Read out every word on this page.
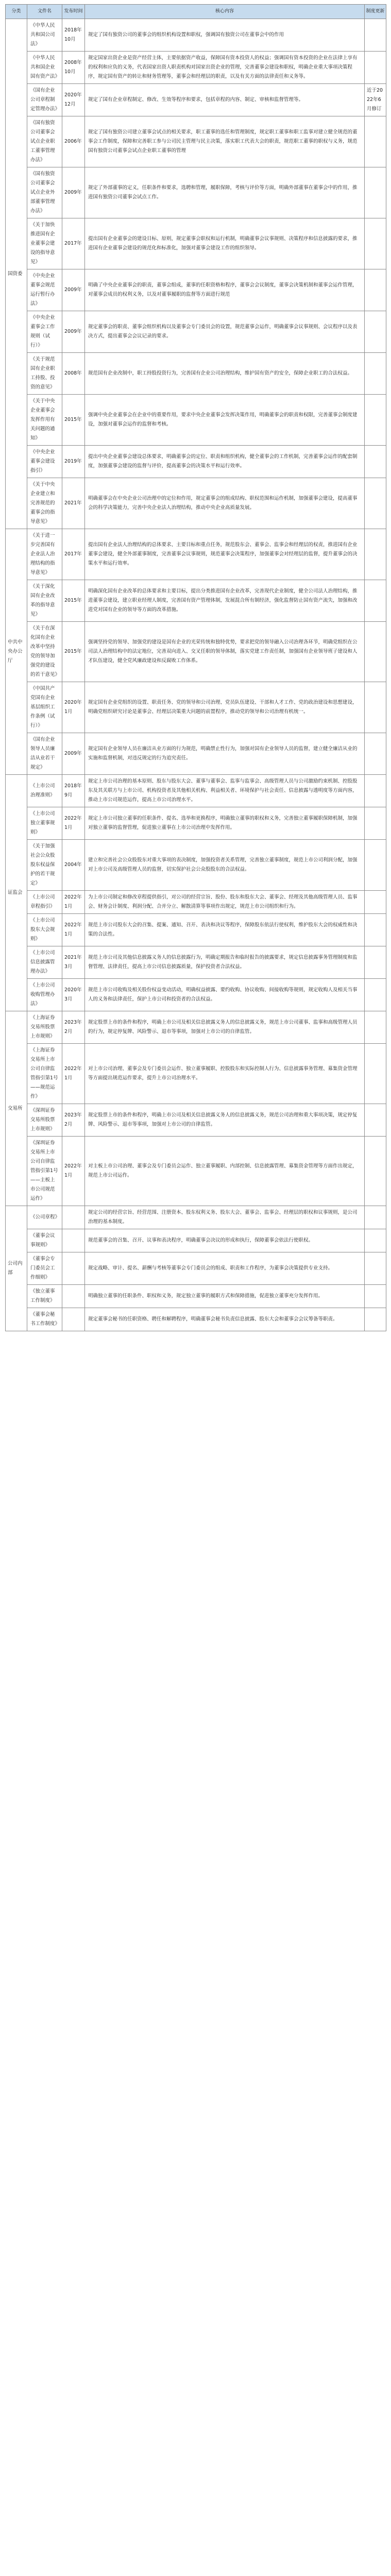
分类	文件名	发布时间	核心内容	制度更新
国资委	《中华人民共和国公司法》	2018年10月	规定了国有独资公司的董事会的组织机构设置和职权，强调国有独资公司在董事会中的作用	
	《中华人民共和国企业国有资产法》	2008年10月	规定国家出资企业是资产经营主体，主要依据资产收益，保障国有资本投资人的权益；强调国有资本投资的企业在法律上享有的权利和应负的义务，代表国家出资人职责机构对国家出资企业的管理，完善董事会建设和职权，明确企业重大事项决策程序，规定国有资产的转让和财务管理等，董事会和经理层的职责，以及有关方面的法律责任和义务等。	
	《国有企业公司章程制定管理办法》	2020年12月	规定了国有企业章程制定、修改、生效等程序和要求，包括章程的内容、制定、审核和监督管理等。	近于2022年6月修订
	《国有独资公司董事会试点企业职工董事管理办法》	2006年	规定了国有独资公司建立董事会试点的相关要求，职工董事的选任和管理制度，规定职工董事和职工监事对建立健全规范的董事会工作制度，保障和完善职工参与公司民主管理与民主决策，落实职工代表大会的职责，规范职工董事的职权与义务，规范国有独资公司董事会试点企业职工董事的管理	
	《国有独资公司董事会试点企业外部董事管理办法》	2009年	规定了外部董事的定义，任职条件和要求，选聘和管理，履职保障，考核与评价等方面，明确外部董事在董事会中的作用，推进国有独资公司董事会试点工作。	
	《关于加快推进国有企业董事会建设的指导意见》	2017年	提出国有企业董事会的建设目标、原则，规定董事会职权和运行机制，明确董事会议事规则、决策程序和信息披露的要求，推进国有企业董事会建设的规范化和标准化，加强对董事会建设工作的组织领导。	
	《中央企业董事会规范运行暂行办法》	2009年	明确了中央企业董事会的职责，董事会组成，董事的任职资格和程序，董事会会议制度，董事会决策机制和董事会运作管理，对董事会成员的权利义务，以及对董事履职的监督等方面进行规范	
	《中央企业董事会工作规则（试行）》	2009年	规定董事会的职责、董事会组织机构以及董事会专门委员会的设置，规范董事会运作，明确董事会议事规则、会议程序以及表决方式，提出董事会会议记录的要求。	
	《关于规范国有企业职工持股、投资的意见》	2008年	规范国有企业改制中，职工持股投资行为，完善国有企业公司治理结构，维护国有资产的安全，保障企业职工的合法权益。	
	《关于中央企业董事会发挥作用有关问题的通知》	2015年	强调中央企业董事会在企业中的重要作用，要求中央企业董事会发挥决策作用，明确董事会的职责和权限，完善董事会制度建设，加强对董事会运作的监督和考核。	
	《中央企业董事会建设指引》	2019年	提出中央企业董事会建设总体要求，明确董事会的定位、职责和组织机构，健全董事会的工作机制，完善董事会运作的配套制度，加强董事会建设的监督与评价，提高董事会的决策水平和运行效率。	
	《关于中央企业建立和完善规范的董事会的指导意见》	2021年	明确董事会在中央企业公司治理中的定位和作用，规定董事会的组成结构、职权范围和运作机制，加强董事会建设，提高董事会的科学决策能力，完善中央企业法人治理结构，推动中央企业高质量发展。	
中共中央办公厅	《关于进一步完善国有企业法人治理结构的指导意见》	2017年	提出国有企业法人治理结构的总体要求、主要目标和重点任务，规范股东会、董事会、监事会和经理层的权责，推进国有企业董事会建设，健全外部董事制度，完善董事会议事规则，规范董事会决策程序，加强董事会对经理层的监督，提升董事会的决策水平和运行效率。	
	《关于深化国有企业改革的指导意见》	2015年	明确深化国有企业改革的总体要求和主要目标，提出分类推进国有企业改革，完善现代企业制度，健全公司法人治理结构，推进董事会建设，建立职业经理人制度，完善国有资产管理体制，发展混合所有制经济，强化监督防止国有资产流失，加强和改进党对国有企业的领导等方面的改革措施。	
	《关于在深化国有企业改革中坚持党的领导加强党的建设的若干意见》	2015年	强调坚持党的领导、加强党的建设是国有企业的光荣传统和独特优势，要求把党的领导融入公司治理各环节，明确党组织在公司法人治理结构中的法定地位，完善双向进入、交叉任职的领导体制，落实党建工作责任制，加强国有企业领导班子建设和人才队伍建设，健全党风廉政建设和反腐败工作体系。	
	《中国共产党国有企业基层组织工作条例（试行）》	2020年1月	规定国有企业党组织的设置、职责任务、党的领导和公司治理、党员队伍建设、干部和人才工作、党的政治建设和思想建设，明确党组织研究讨论是董事会、经理层决策重大问题的前置程序，推动党的领导和公司治理有机统一。	
	《国有企业领导人员廉洁从业若干规定》	2009年	规定国有企业领导人员在廉洁从业方面的行为规范，明确禁止性行为，加强对国有企业领导人员的监督，建立健全廉洁从业的实施和监督机制，对违反规定的行为追究责任。	
证监会	《上市公司治理准则》	2018年9月	规定上市公司治理的基本原则、股东与股东大会、董事与董事会、监事与监事会、高级管理人员与公司激励约束机制、控股股东及其关联方与上市公司、机构投资者及其他相关机构、利益相关者、环境保护与社会责任、信息披露与透明度等方面内容，推动上市公司规范运作，提高上市公司治理水平。	
	《上市公司独立董事规则》	2022年1月	规定上市公司独立董事的任职条件、提名、选举和更换程序，明确独立董事的职权和义务，完善独立董事履职保障机制，加强对独立董事的监督管理，促进独立董事在上市公司治理中发挥作用。	
	《关于加强社会公众股股东权益保护的若干规定》	2004年	建立和完善社会公众股股东对重大事项的表决制度，加强投资者关系管理，完善独立董事制度，规范上市公司利润分配，加强对上市公司及高级管理人员的监督，切实保护社会公众股股东的合法权益。	
	《上市公司章程指引》	2022年1月	为上市公司制定和修改章程提供指引，对公司的经营宗旨、股份、股东和股东大会、董事会、经理及其他高级管理人员、监事会、财务会计制度、利润分配、合并分立、解散清算等事项作出规定，规范上市公司组织和行为。	
	《上市公司股东大会规则》	2022年1月	规范上市公司股东大会的召集、提案、通知、召开、表决和决议等程序，保障股东依法行使权利，维护股东大会的权威性和决策的合法性。	
	《上市公司信息披露管理办法》	2021年3月	规范上市公司及其他信息披露义务人的信息披露行为，明确定期报告和临时报告的披露要求，规定信息披露事务管理制度和监督管理、法律责任，提高上市公司信息披露质量，保护投资者合法权益。	
	《上市公司收购管理办法》	2020年3月	规范上市公司收购及相关股份权益变动活动，明确权益披露、要约收购、协议收购、间接收购等规则，规定收购人及相关当事人的义务和法律责任，保护上市公司和投资者的合法权益。	
交易所	《上海证券交易所股票上市规则》	2023年2月	规定股票上市的条件和程序，明确上市公司及相关信息披露义务人的信息披露义务，规范上市公司董事、监事和高级管理人员的行为，规定停复牌、风险警示、退市等事项，加强对上市公司的自律监管。	
	《上海证券交易所上市公司自律监管指引第1号——规范运作》	2022年1月	对上市公司治理、董事会及专门委员会运作、独立董事履职、控股股东和实际控制人行为、信息披露事务管理、募集资金管理等方面提出规范运作要求，提升上市公司治理水平。	
	《深圳证券交易所股票上市规则》	2023年2月	规定股票上市的条件和程序，明确上市公司及相关信息披露义务人的信息披露义务，规范公司治理和重大事项决策，规定停复牌、风险警示、退市等事项，加强对上市公司的自律监管。	
	《深圳证券交易所上市公司自律监管指引第1号——主板上市公司规范运作》	2022年1月	对主板上市公司治理、董事会及专门委员会运作、独立董事履职、内部控制、信息披露管理、募集资金管理等方面作出规定，规范上市公司运作。	
公司内部	《公司章程》		规定公司的经营宗旨、经营范围、注册资本、股东权利义务、股东大会、董事会、监事会、经理层的职权和议事规则，是公司治理的基本制度。	
	《董事会议事规则》		规范董事会的召集、召开、议事和表决程序，明确董事会决议的形成和执行，保障董事会依法行使职权。	
	《董事会专门委员会工作细则》		规定战略、审计、提名、薪酬与考核等董事会专门委员会的组成、职责和工作程序，为董事会决策提供专业支持。	
	《独立董事工作制度》		明确独立董事的任职条件、职权和义务，规定独立董事的履职方式和保障措施，促进独立董事充分发挥作用。	
	《董事会秘书工作制度》		规定董事会秘书的任职资格、聘任和解聘程序，明确董事会秘书负责信息披露、股东大会和董事会会议筹备等职责。	
